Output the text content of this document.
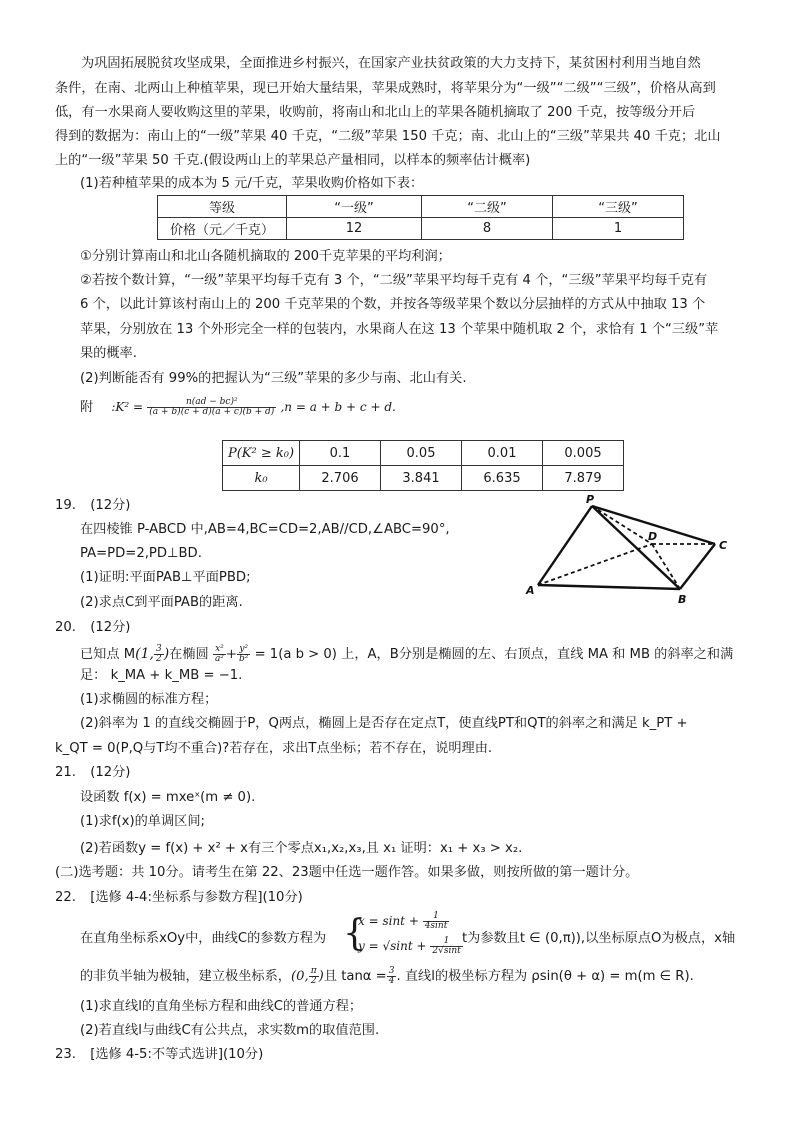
为巩固拓展脱贫攻坚成果，全面推进乡村振兴，在国家产业扶贫政策的大力支持下，某贫困村利用当地自然
条件，在南、北两山上种植苹果，现已开始大量结果，苹果成熟时，将苹果分为“一级”“二级”“三级”，价格从高到
低，有一水果商人要收购这里的苹果，收购前，将南山和北山上的苹果各随机摘取了 200 千克，按等级分开后
得到的数据为：南山上的“一级”苹果 40 千克，“二级”苹果 150 千克；南、北山上的“三级”苹果共 40 千克；北山
上的“一级”苹果 50 千克.(假设两山上的苹果总产量相同，以样本的频率估计概率)
(1)若种植苹果的成本为 5 元/千克，苹果收购价格如下表：
等级	“一级”	“二级”	“三级”
价格（元／千克）	12	8	1
①分别计算南山和北山各随机摘取的 200千克苹果的平均利润；
②若按个数计算，“一级”苹果平均每千克有 3 个，“二级”苹果平均每千克有 4 个，“三级”苹果平均每千克有
6 个，以此计算该村南山上的 200 千克苹果的个数，并按各等级苹果个数以分层抽样的方式从中抽取 13 个
苹果，分别放在 13 个外形完全一样的包装内，水果商人在这 13 个苹果中随机取 2 个，求恰有 1 个“三级”苹
果的概率.
(2)判断能否有 99%的把握认为“三级”苹果的多少与南、北山有关.
附 :K² = $\frac{\text{n(ad − bc)²}}{(a + b)(c + d)(a + c)(b + d)} ,n = a + b + c + d$.
P(K² ≥ k₀)	0.1	0.05	0.01	0.005
k₀	2.706	3.841	6.635	7.879
19. (12分)
在四棱锥 P-ABCD 中,AB=4,BC=CD=2,AB//CD,∠ABC=90°,
PA=PD=2,PD⊥BD.
(1)证明:平面PAB⊥平面PBD;
(2)求点C到平面PAB的距离.
P
D
C
A
B
20. (12分)
已知点 M(1, $\frac{3}{2}$ )在椭圆 $\frac{\text{x²}}{\text{a²}} + \frac{\text{y²}}{\text{b²}} = 1(a$ b > 0) 上，A，B分别是椭圆的左、右顶点，直线 MA 和 MB 的斜率之和满
足： k_MA + k_MB = −1.
(1)求椭圆的标准方程；
(2)斜率为 1 的直线交椭圆于P，Q两点，椭圆上是否存在定点T，使直线PT和QT的斜率之和满足 k_PT +
k_QT = 0(P,Q与T均不重合)?若存在，求出T点坐标；若不存在，说明理由.
21. (12分)
设函数 f(x) = mxeˣ(m ≠ 0).
(1)求f(x)的单调区间;
(2)若函数y = f(x) + x² + x有三个零点x₁,x₂,x₃,且 x₁ 证明：x₁ + x₃ > x₂.
(二)选考题：共 10分。请考生在第 22、23题中任选一题作答。如果多做，则按所做的第一题计分。
22. [选修 4-4:坐标系与参数方程](10分)
在直角坐标系xOy中，曲线C的参数方程为 {
$x = \sin t + \frac{1}{4\sin t}$
$y = √\sin t + \frac{1}{2√\sin t}$ t为参数且t ∈ (0,π)),以坐标原点O为极点，x轴
的非负半轴为极轴，建立极坐标系，(0, $\frac{\pi}{2}$ )且 $\tan\alpha = \frac{3}{4}$ . 直线l的极坐标方程为 ρsin(θ + α) = m(m ∈ R).
(1)求直线l的直角坐标方程和曲线C的普通方程；
(2)若直线l与曲线C有公共点，求实数m的取值范围.
23. [选修 4-5:不等式选讲](10分)
